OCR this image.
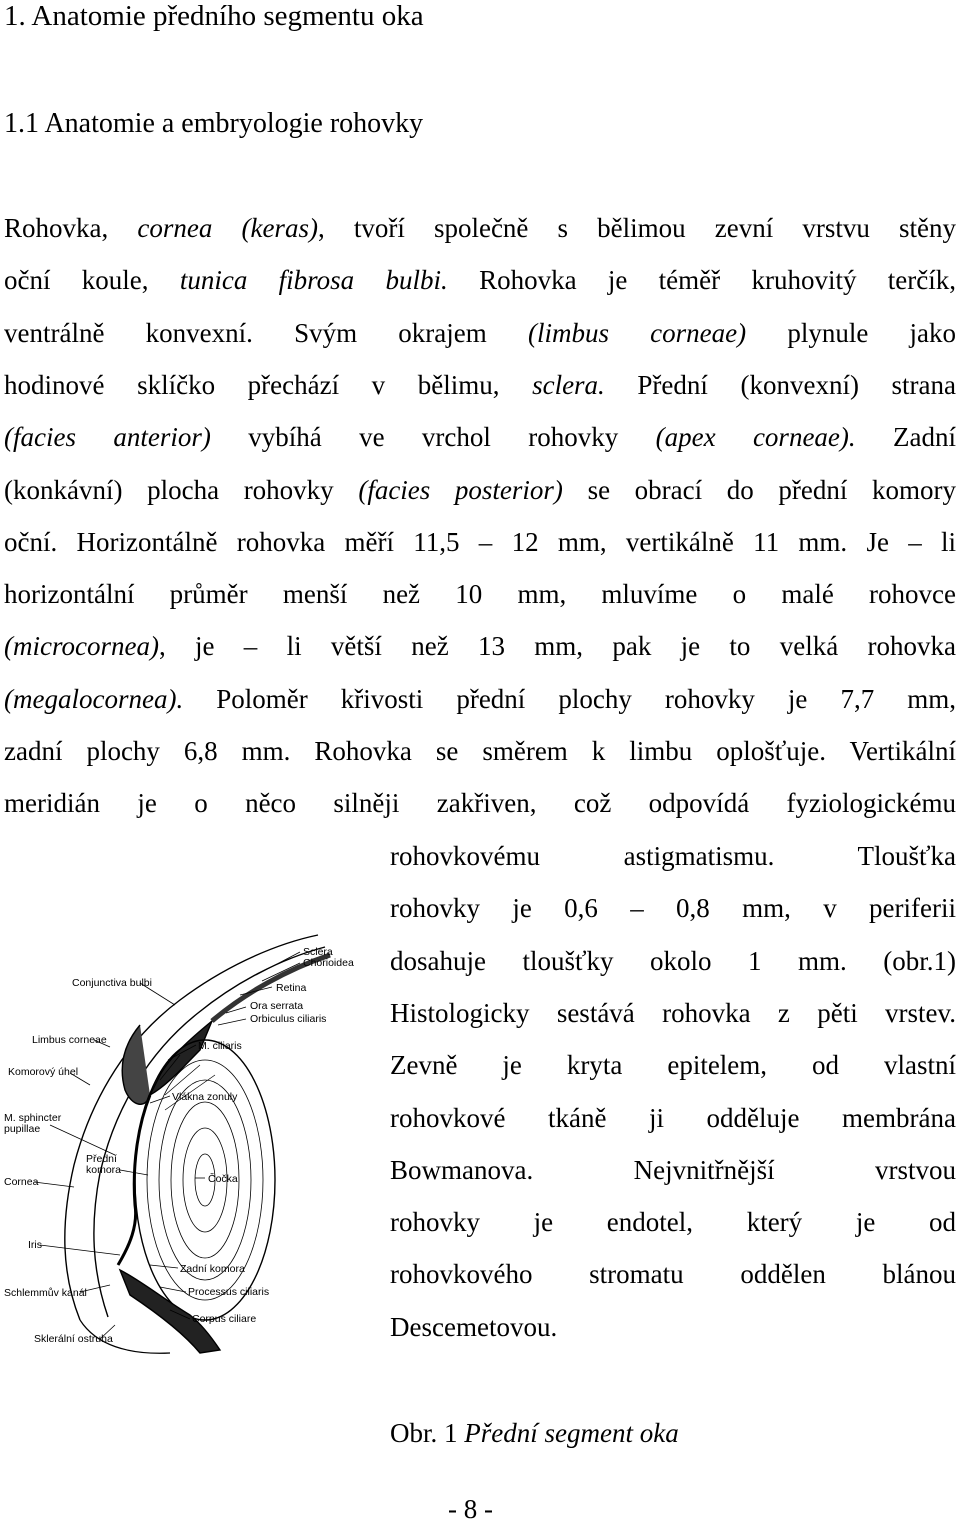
1. Anatomie předního segmentu oka
1.1 Anatomie a embryologie rohovky
Rohovka, cornea (keras), tvoří společně s bělimou zevní vrstvu stěny
oční koule, tunica fibrosa bulbi. Rohovka je téměř kruhovitý terčík,
ventrálně konvexní. Svým okrajem (limbus corneae) plynule jako
hodinové sklíčko přechází v bělimu, sclera. Přední (konvexní) strana
(facies anterior) vybíhá ve vrchol rohovky (apex corneae). Zadní
(konkávní) plocha rohovky (facies posterior) se obrací do přední komory
oční. Horizontálně rohovka měří 11,5 – 12 mm, vertikálně 11 mm. Je – li
horizontální průměr menší než 10 mm, mluvíme o malé rohovce
(microcornea), je – li větší než 13 mm, pak je to velká rohovka
(megalocornea). Poloměr křivosti přední plochy rohovky je 7,7 mm,
zadní plochy 6,8 mm. Rohovka se směrem k limbu oplošťuje. Vertikální
meridián je o něco silněji zakřiven, což odpovídá fyziologickému
rohovkovému astigmatismu. Tloušťka
rohovky je 0,6 – 0,8 mm, v periferii
dosahuje tloušťky okolo 1 mm. (obr.1)
Histologicky sestává rohovka z pěti vrstev.
Zevně je kryta epitelem, od vlastní
rohovkové tkáně ji odděluje membrána
Bowmanova. Nejvnitřnější vrstvou
rohovky je endotel, který je od
rohovkového stromatu oddělen blánou
Descemetovou.
Sclera
Chorioidea
Retina
Ora serrata
Orbiculus ciliaris
Conjunctiva bulbi
Limbus corneae	M. ciliaris
Komorový úhel
Vlákna zonuly
M. sphincter
pupillae
Přední
komora
Čočka
Cornea
Iris
Zadní komora
Schlemmův kanál	Processus ciliaris
Corpus ciliare
Sklerální ostruha
Obr. 1 Přední segment oka
- 8 -
